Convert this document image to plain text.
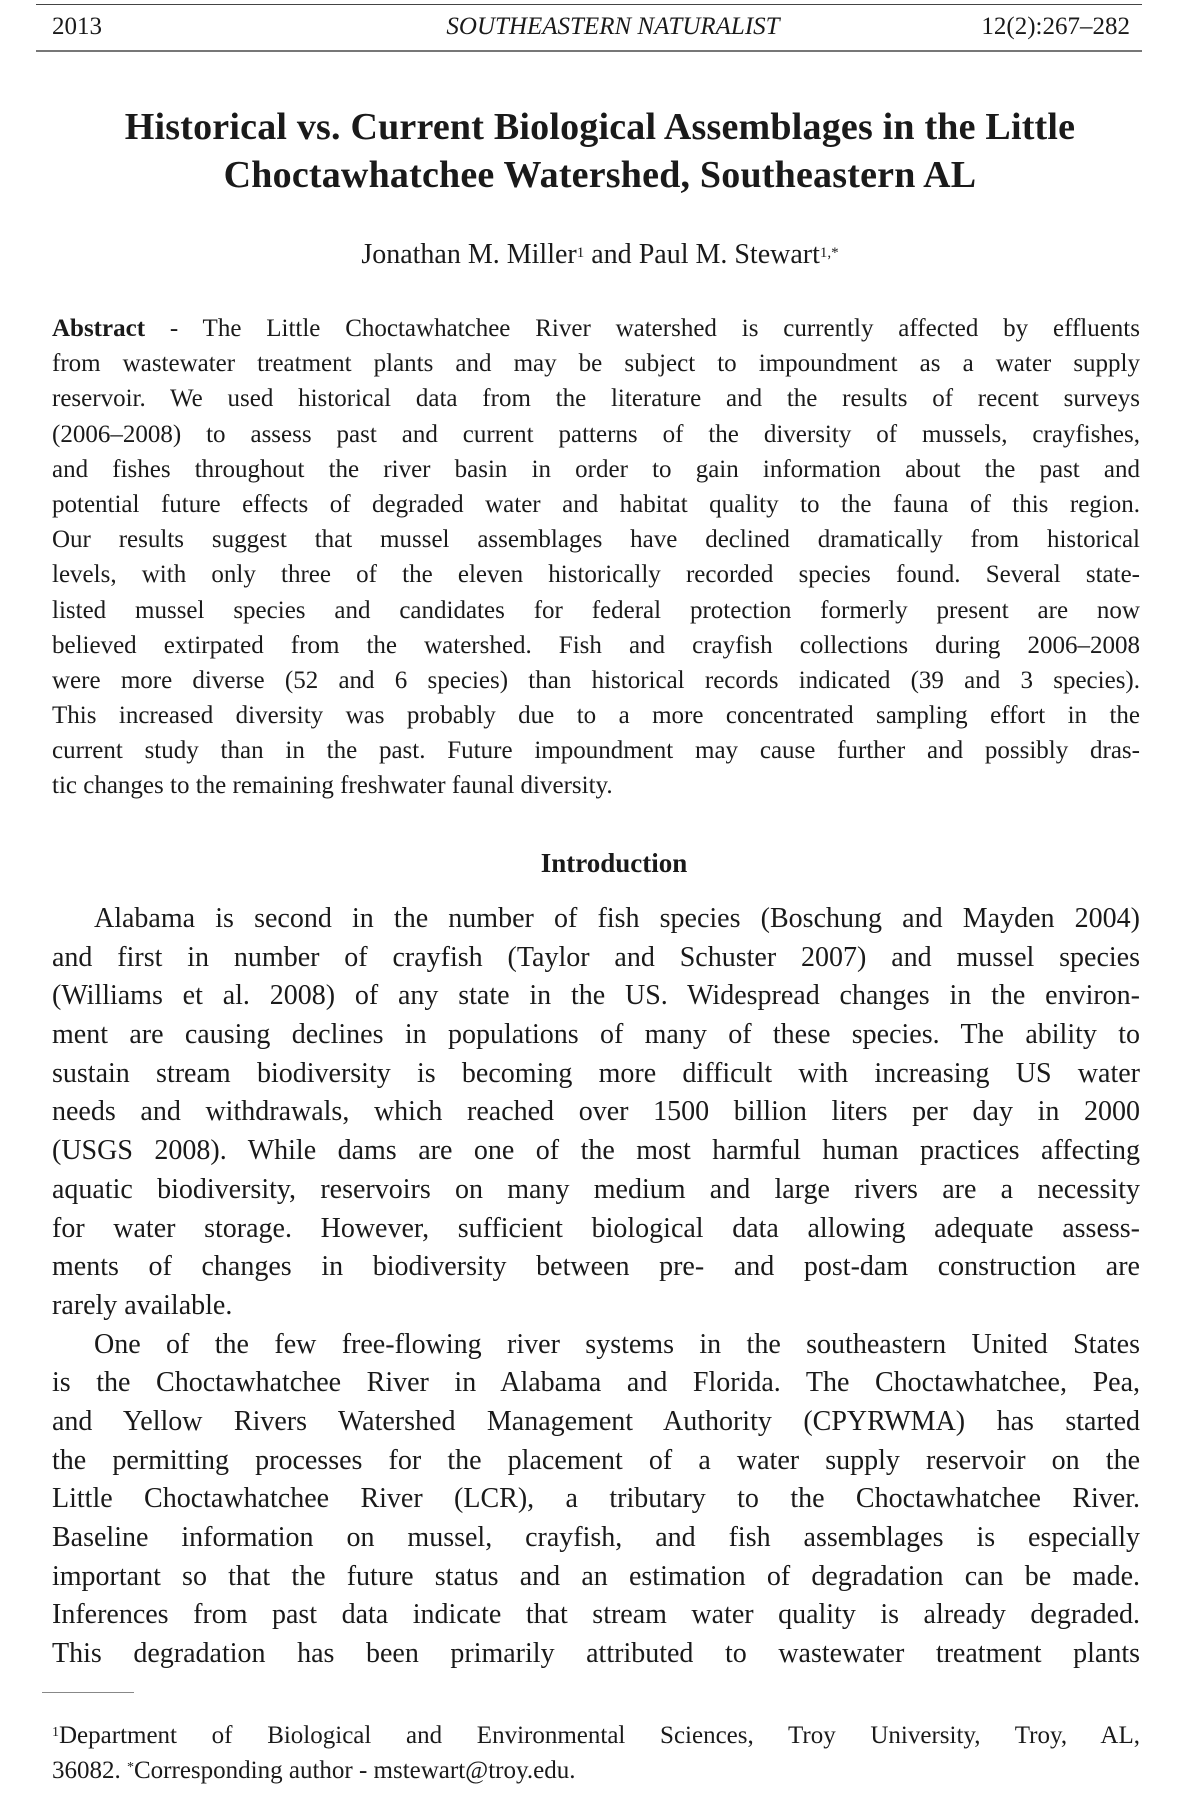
2013	SOUTHEASTERN NATURALIST	12(2):267–282
Historical vs. Current Biological Assemblages in the Little
Choctawhatchee Watershed, Southeastern AL
Jonathan M. Miller$^1$ and Paul M. Stewart$^{1,*}$
Abstract - The Little Choctawhatchee River watershed is currently affected by effluents
from wastewater treatment plants and may be subject to impoundment as a water supply
reservoir. We used historical data from the literature and the results of recent surveys
(2006–2008) to assess past and current patterns of the diversity of mussels, crayfishes,
and fishes throughout the river basin in order to gain information about the past and
potential future effects of degraded water and habitat quality to the fauna of this region.
Our results suggest that mussel assemblages have declined dramatically from historical
levels, with only three of the eleven historically recorded species found. Several state-
listed mussel species and candidates for federal protection formerly present are now
believed extirpated from the watershed. Fish and crayfish collections during 2006–2008
were more diverse (52 and 6 species) than historical records indicated (39 and 3 species).
This increased diversity was probably due to a more concentrated sampling effort in the
current study than in the past. Future impoundment may cause further and possibly dras-
tic changes to the remaining freshwater faunal diversity.
Introduction
Alabama is second in the number of fish species (Boschung and Mayden 2004)
and first in number of crayfish (Taylor and Schuster 2007) and mussel species
(Williams et al. 2008) of any state in the US. Widespread changes in the environ-
ment are causing declines in populations of many of these species. The ability to
sustain stream biodiversity is becoming more difficult with increasing US water
needs and withdrawals, which reached over 1500 billion liters per day in 2000
(USGS 2008). While dams are one of the most harmful human practices affecting
aquatic biodiversity, reservoirs on many medium and large rivers are a necessity
for water storage. However, sufficient biological data allowing adequate assess-
ments of changes in biodiversity between pre- and post-dam construction are
rarely available.
One of the few free-flowing river systems in the southeastern United States
is the Choctawhatchee River in Alabama and Florida. The Choctawhatchee, Pea,
and Yellow Rivers Watershed Management Authority (CPYRWMA) has started
the permitting processes for the placement of a water supply reservoir on the
Little Choctawhatchee River (LCR), a tributary to the Choctawhatchee River.
Baseline information on mussel, crayfish, and fish assemblages is especially
important so that the future status and an estimation of degradation can be made.
Inferences from past data indicate that stream water quality is already degraded.
This degradation has been primarily attributed to wastewater treatment plants
$^1$Department of Biological and Environmental Sciences, Troy University, Troy, AL,
36082. *Corresponding author - mstewart@troy.edu.
